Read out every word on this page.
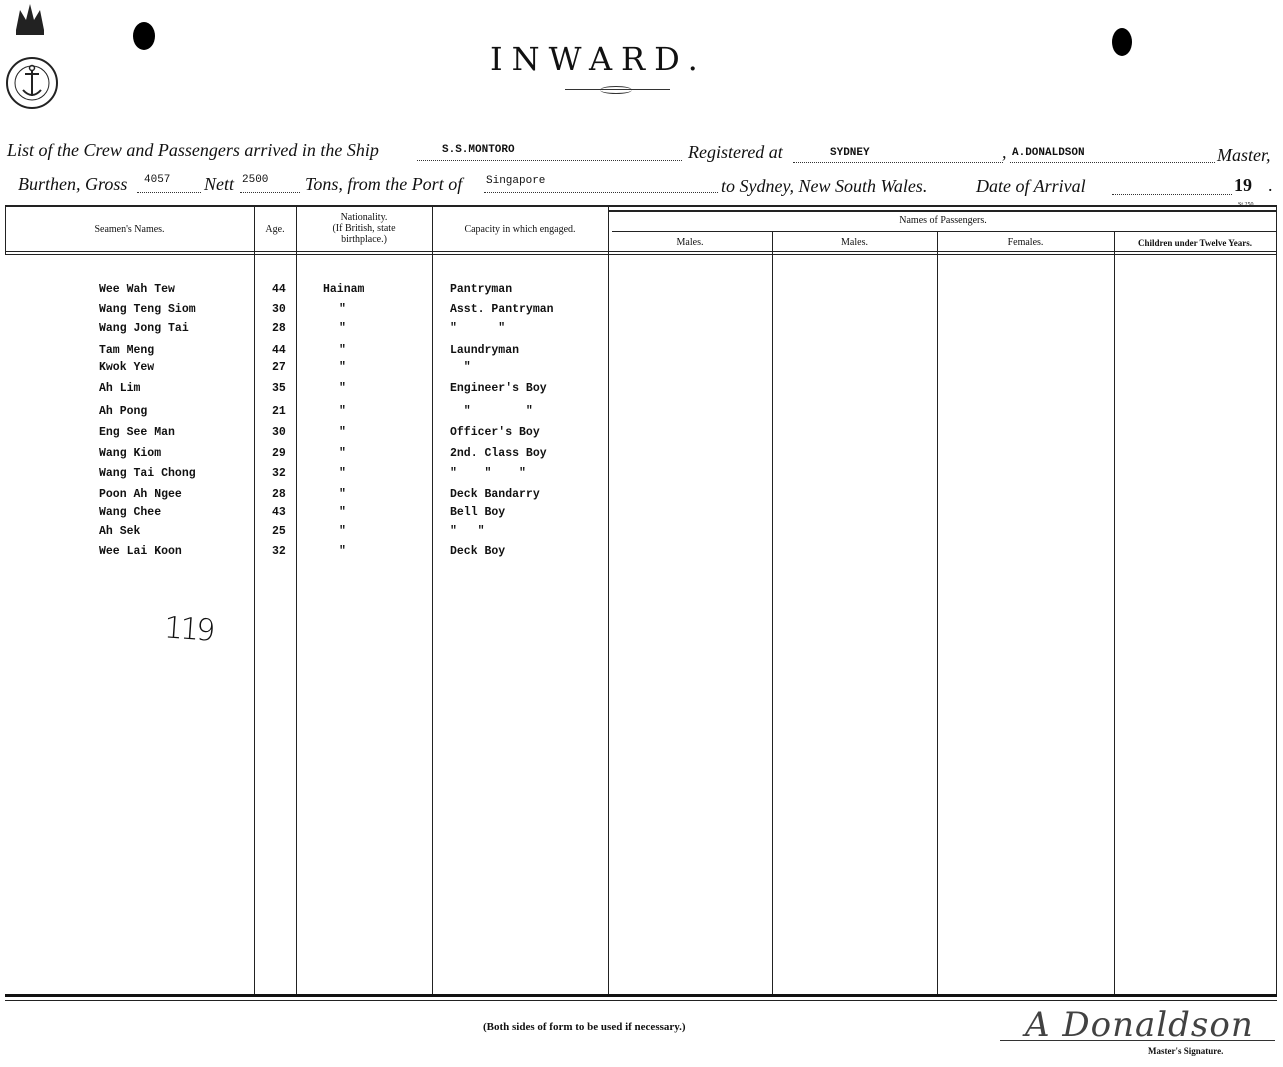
INWARD.
List of the Crew and Passengers arrived in the Ship	S.S.MONTORO	Registered at	SYDNEY	, A.DONALDSON	Master,
Burthen, Gross 4057 Nett 2500 Tons, from the Port of Singapore	to Sydney, New South Wales.	Date of Arrival	19 .
Seamen's Names.	Age.
Nationality.
(If British, state
birthplace.)
Capacity in which engaged.
Names of Passengers.
Males.	Males.	Females.	Children under Twelve Years.
Wee Wah Tew	44	Hainam	Pantryman
Wang Teng Siom	30	"	Asst. Pantryman
Wang Jong Tai	28	"	"      "
Tam Meng	44	"	Laundryman
Kwok Yew	27	"	"
Ah Lim	35	"	Engineer's Boy
Ah Pong	21	"	"        "
Eng See Man	30	"	Officer's Boy
Wang Kiom	29	"	2nd. Class Boy
Wang Tai Chong	32	"	"    "    "
Poon Ah Ngee	28	"	Deck Bandarry
Wang Chee	43	"	Bell Boy
Ah Sek	25	"	"   "
Wee Lai Koon	32	"	Deck Boy
119
(Both sides of form to be used if necessary.)	A Donaldson
Master's Signature.
